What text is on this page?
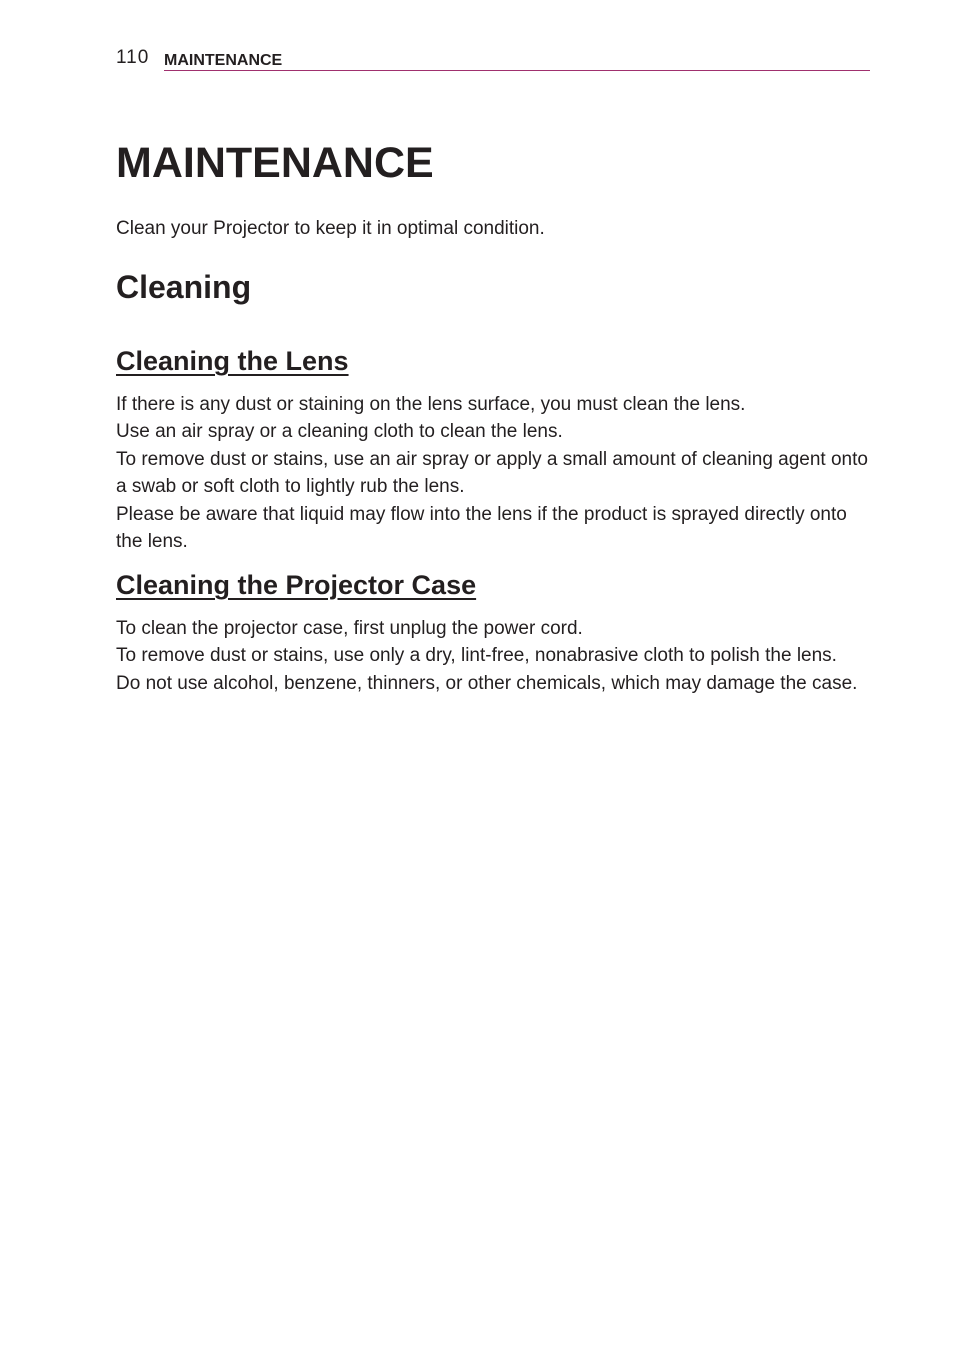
110 MAINTENANCE
MAINTENANCE

Clean your Projector to keep it in optimal condition.

Cleaning
Cleaning the Lens

If there is any dust or staining on the lens surface, you must clean the lens.

Use an air spray or a cleaning cloth to clean the lens.

To remove dust or stains, use an air spray or apply a small amount of cleaning agent onto a swab or soft cloth to lightly rub the lens.

Please be aware that liquid may flow into the lens if the product is sprayed directly onto the lens.

Cleaning the Projector Case

To clean the projector case, first unplug the power cord.

To remove dust or stains, use only a dry, lint-free, nonabrasive cloth to polish the lens.

Do not use alcohol, benzene, thinners, or other chemicals, which may damage the case.
